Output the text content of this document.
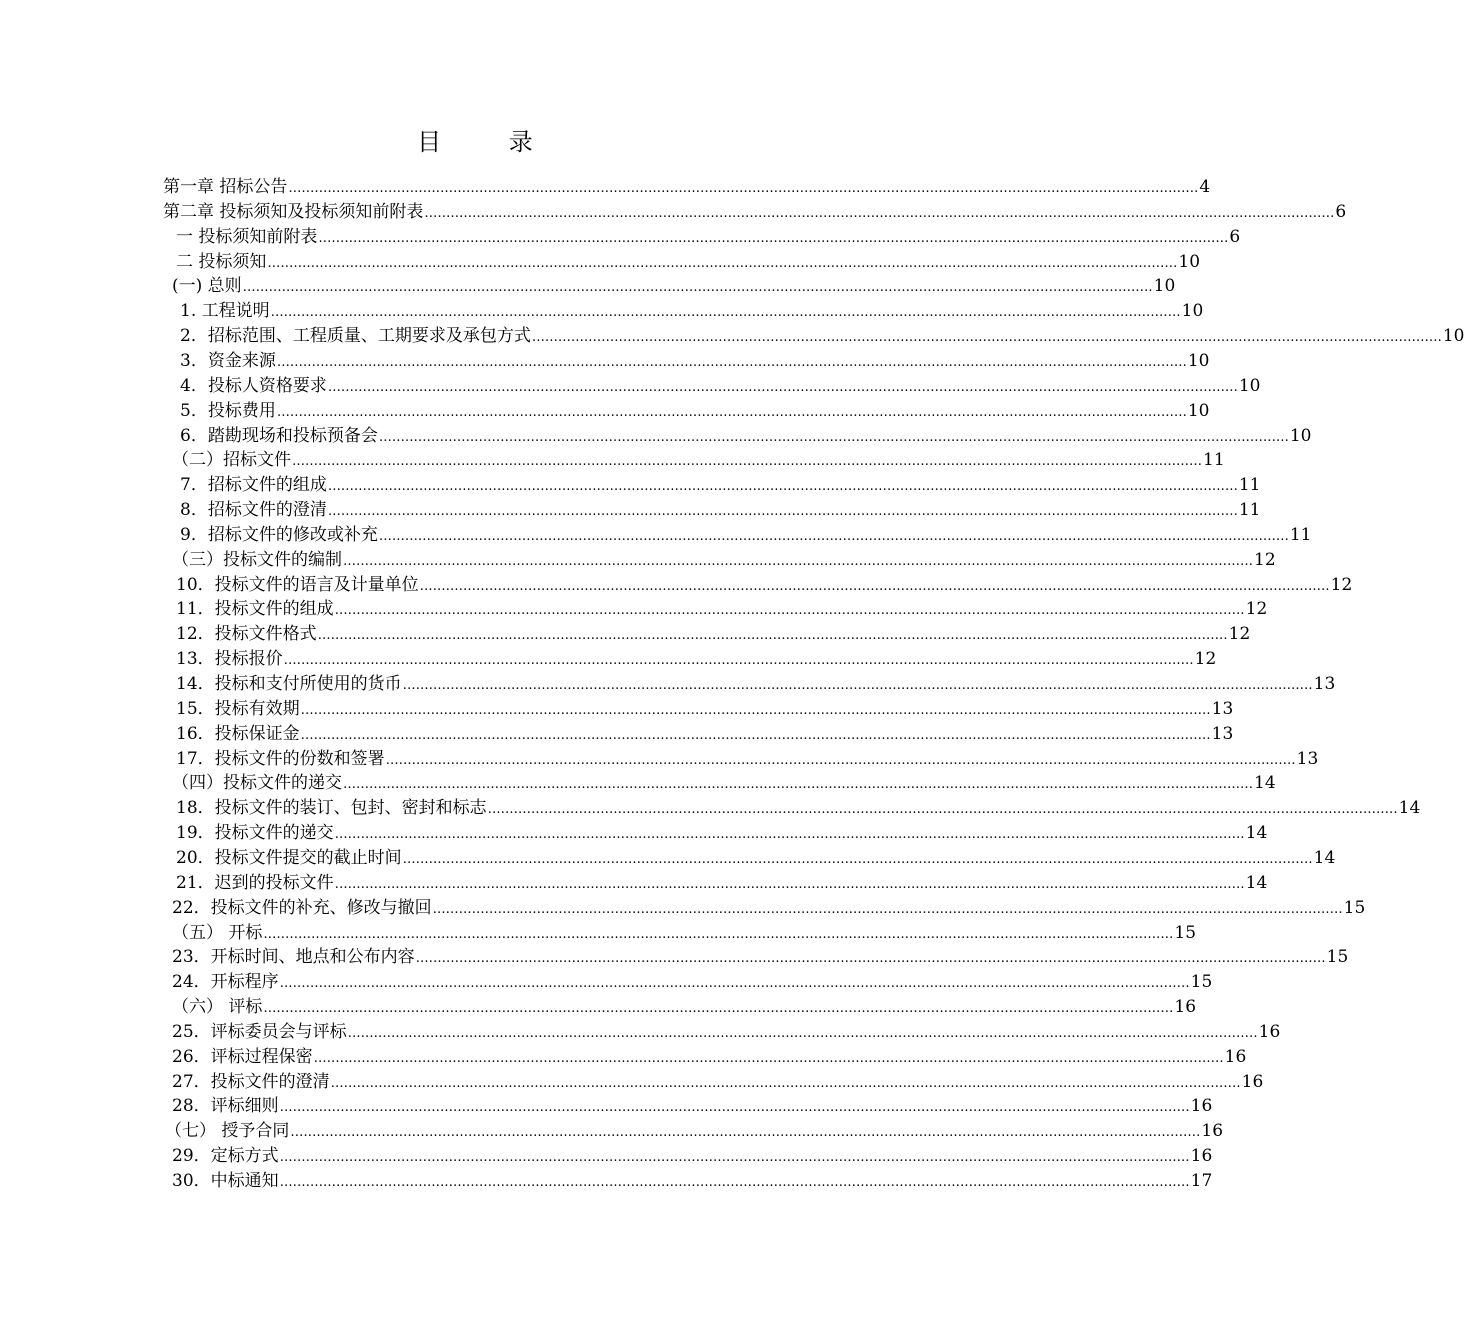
目 录
第一章 招标公告 ………………………………………………………………………………………………………………………………………………………………………………………… 4
第二章 投标须知及投标须知前附表 ………………………………………………………………………………………………………………………………………………………………………………………… 6
一 投标须知前附表 ………………………………………………………………………………………………………………………………………………………………………………………… 6
二 投标须知 ………………………………………………………………………………………………………………………………………………………………………………………… 10
(一) 总则 ………………………………………………………………………………………………………………………………………………………………………………………… 10
1. 工程说明 ………………………………………………………………………………………………………………………………………………………………………………………… 10
2．招标范围、工程质量、工期要求及承包方式 ………………………………………………………………………………………………………………………………………………………………………………………… 10
3．资金来源 ………………………………………………………………………………………………………………………………………………………………………………………… 10
4．投标人资格要求 ………………………………………………………………………………………………………………………………………………………………………………………… 10
5．投标费用 ………………………………………………………………………………………………………………………………………………………………………………………… 10
6．踏勘现场和投标预备会 ………………………………………………………………………………………………………………………………………………………………………………………… 10
（二）招标文件 ………………………………………………………………………………………………………………………………………………………………………………………… 11
7．招标文件的组成 ………………………………………………………………………………………………………………………………………………………………………………………… 11
8．招标文件的澄清 ………………………………………………………………………………………………………………………………………………………………………………………… 11
9．招标文件的修改或补充 ………………………………………………………………………………………………………………………………………………………………………………………… 11
（三）投标文件的编制 ………………………………………………………………………………………………………………………………………………………………………………………… 12
10．投标文件的语言及计量单位 ………………………………………………………………………………………………………………………………………………………………………………………… 12
11．投标文件的组成 ………………………………………………………………………………………………………………………………………………………………………………………… 12
12．投标文件格式 ………………………………………………………………………………………………………………………………………………………………………………………… 12
13．投标报价 ………………………………………………………………………………………………………………………………………………………………………………………… 12
14．投标和支付所使用的货币 ………………………………………………………………………………………………………………………………………………………………………………………… 13
15．投标有效期 ………………………………………………………………………………………………………………………………………………………………………………………… 13
16．投标保证金 ………………………………………………………………………………………………………………………………………………………………………………………… 13
17．投标文件的份数和签署 ………………………………………………………………………………………………………………………………………………………………………………………… 13
（四）投标文件的递交 ………………………………………………………………………………………………………………………………………………………………………………………… 14
18．投标文件的装订、包封、密封和标志 ………………………………………………………………………………………………………………………………………………………………………………………… 14
19．投标文件的递交 ………………………………………………………………………………………………………………………………………………………………………………………… 14
20．投标文件提交的截止时间 ………………………………………………………………………………………………………………………………………………………………………………………… 14
21．迟到的投标文件 ………………………………………………………………………………………………………………………………………………………………………………………… 14
22．投标文件的补充、修改与撤回 ………………………………………………………………………………………………………………………………………………………………………………………… 15
（五） 开标 ………………………………………………………………………………………………………………………………………………………………………………………… 15
23．开标时间、地点和公布内容 ………………………………………………………………………………………………………………………………………………………………………………………… 15
24．开标程序 ………………………………………………………………………………………………………………………………………………………………………………………… 15
（六） 评标 ………………………………………………………………………………………………………………………………………………………………………………………… 16
25．评标委员会与评标 ………………………………………………………………………………………………………………………………………………………………………………………… 16
26．评标过程保密 ………………………………………………………………………………………………………………………………………………………………………………………… 16
27．投标文件的澄清 ………………………………………………………………………………………………………………………………………………………………………………………… 16
28．评标细则 ………………………………………………………………………………………………………………………………………………………………………………………… 16
（七） 授予合同 ………………………………………………………………………………………………………………………………………………………………………………………… 16
29．定标方式 ………………………………………………………………………………………………………………………………………………………………………………………… 16
30．中标通知 ………………………………………………………………………………………………………………………………………………………………………………………… 17
